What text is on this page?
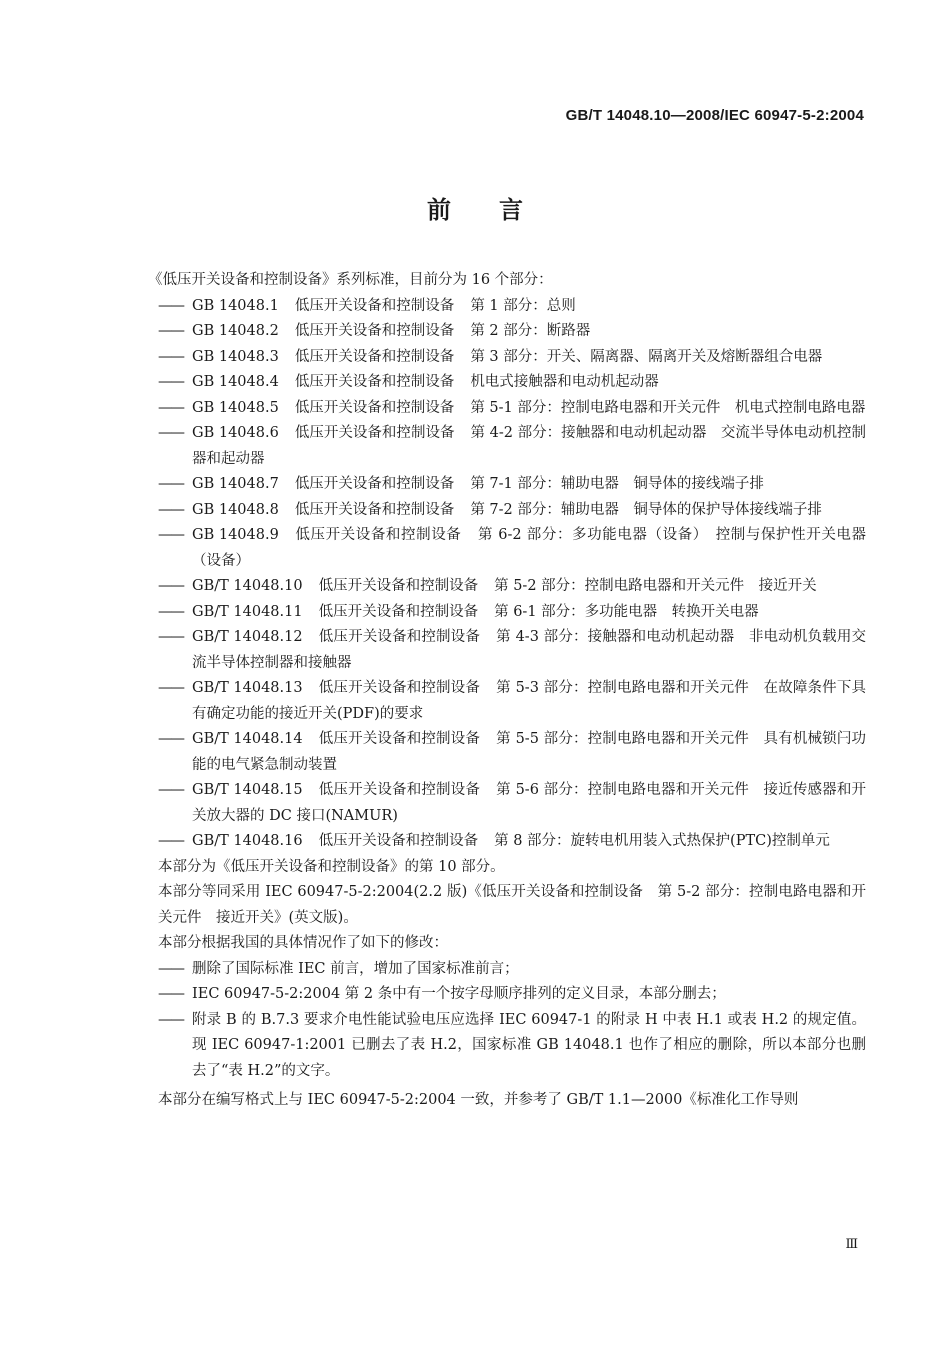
GB/T 14048.10—2008/IEC 60947-5-2:2004
前言

《低压开关设备和控制设备》系列标准，目前分为 16 个部分：

——
GB 14048.1 低压开关设备和控制设备 第 1 部分：总则
——
GB 14048.2 低压开关设备和控制设备 第 2 部分：断路器
——
GB 14048.3 低压开关设备和控制设备 第 3 部分：开关、隔离器、隔离开关及熔断器组合电器
——
GB 14048.4 低压开关设备和控制设备 机电式接触器和电动机起动器
——
GB 14048.5 低压开关设备和控制设备 第 5-1 部分：控制电路电器和开关元件　机电式控制电路电器
——
GB 14048.6 低压开关设备和控制设备 第 4-2 部分：接触器和电动机起动器　交流半导体电动机控制器和起动器
——
GB 14048.7 低压开关设备和控制设备 第 7-1 部分：辅助电器　铜导体的接线端子排
——
GB 14048.8 低压开关设备和控制设备 第 7-2 部分：辅助电器　铜导体的保护导体接线端子排
——
GB 14048.9 低压开关设备和控制设备 第 6-2 部分：多功能电器（设备）　控制与保护性开关电器（设备）
——
GB/T 14048.10 低压开关设备和控制设备 第 5-2 部分：控制电路电器和开关元件　接近开关
——
GB/T 14048.11 低压开关设备和控制设备 第 6-1 部分：多功能电器　转换开关电器
——
GB/T 14048.12 低压开关设备和控制设备 第 4-3 部分：接触器和电动机起动器　非电动机负载用交流半导体控制器和接触器
——
GB/T 14048.13 低压开关设备和控制设备 第 5-3 部分：控制电路电器和开关元件　在故障条件下具有确定功能的接近开关(PDF)的要求
——
GB/T 14048.14 低压开关设备和控制设备 第 5-5 部分：控制电路电器和开关元件　具有机械锁闩功能的电气紧急制动装置
——
GB/T 14048.15 低压开关设备和控制设备 第 5-6 部分：控制电路电器和开关元件　接近传感器和开关放大器的 DC 接口(NAMUR)
——
GB/T 14048.16 低压开关设备和控制设备 第 8 部分：旋转电机用装入式热保护(PTC)控制单元

本部分为《低压开关设备和控制设备》的第 10 部分。

本部分等同采用 IEC 60947-5-2:2004(2.2 版)《低压开关设备和控制设备　第 5-2 部分：控制电路电器和开关元件　接近开关》(英文版)。

本部分根据我国的具体情况作了如下的修改：

——
删除了国际标准 IEC 前言，增加了国家标准前言；
——
IEC 60947-5-2:2004 第 2 条中有一个按字母顺序排列的定义目录，本部分删去；
——
附录 B 的 B.7.3 要求介电性能试验电压应选择 IEC 60947-1 的附录 H 中表 H.1 或表 H.2 的规定值。现 IEC 60947-1:2001 已删去了表 H.2，国家标准 GB 14048.1 也作了相应的删除，所以本部分也删去了“表 H.2”的文字。

本部分在编写格式上与 IEC 60947-5-2:2004 一致，并参考了 GB/T 1.1—2000《标准化工作导则

Ⅲ
